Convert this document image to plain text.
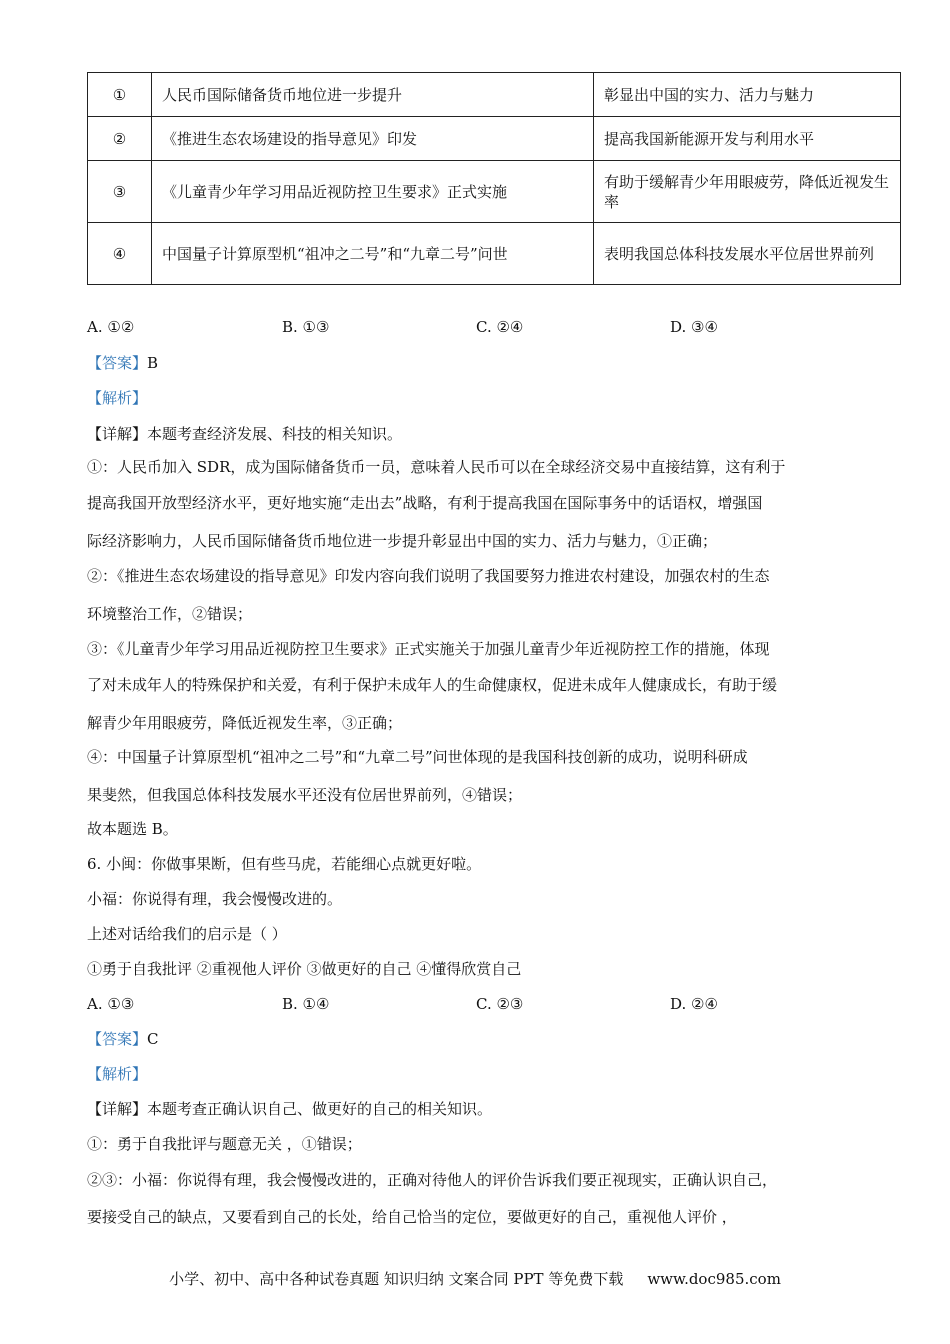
①	人民币国际储备货币地位进一步提升	彰显出中国的实力、活力与魅力
②	《推进生态农场建设的指导意见》印发	提高我国新能源开发与利用水平
③	《儿童青少年学习用品近视防控卫生要求》正式实施	有助于缓解青少年用眼疲劳，降低近视发生率
④	中国量子计算原型机“祖冲之二号”和“九章二号”问世	表明我国总体科技发展水平位居世界前列
A. ①②	B. ①③	C. ②④	D. ③④
【答案】B
【解析】
【详解】本题考查经济发展、科技的相关知识。
①：人民币加入 SDR，成为国际储备货币一员，意味着人民币可以在全球经济交易中直接结算，这有利于
提高我国开放型经济水平，更好地实施“走出去”战略，有利于提高我国在国际事务中的话语权，增强国
际经济影响力，人民币国际储备货币地位进一步提升彰显出中国的实力、活力与魅力，①正确；
②：《推进生态农场建设的指导意见》印发内容向我们说明了我国要努力推进农村建设，加强农村的生态
环境整治工作，②错误；
③：《儿童青少年学习用品近视防控卫生要求》正式实施关于加强儿童青少年近视防控工作的措施，体现
了对未成年人的特殊保护和关爱，有利于保护未成年人的生命健康权，促进未成年人健康成长，有助于缓
解青少年用眼疲劳，降低近视发生率，③正确；
④：中国量子计算原型机“祖冲之二号”和“九章二号”问世体现的是我国科技创新的成功，说明科研成
果斐然，但我国总体科技发展水平还没有位居世界前列，④错误；
故本题选 B。
6. 小闽：你做事果断，但有些马虎，若能细心点就更好啦。
小福：你说得有理，我会慢慢改进的。
上述对话给我们的启示是（ ）
①勇于自我批评 ②重视他人评价 ③做更好的自己 ④懂得欣赏自己
A. ①③	B. ①④	C. ②③	D. ②④
【答案】C
【解析】
【详解】本题考查正确认识自己、做更好的自己的相关知识。
①：勇于自我批评与题意无关 ，①错误；
②③：小福：你说得有理，我会慢慢改进的，正确对待他人的评价告诉我们要正视现实，正确认识自己，
要接受自己的缺点，又要看到自己的长处，给自己恰当的定位，要做更好的自己，重视他人评价 ，
小学、初中、高中各种试卷真题 知识归纳 文案合同 PPT 等免费下载 www.doc985.com
